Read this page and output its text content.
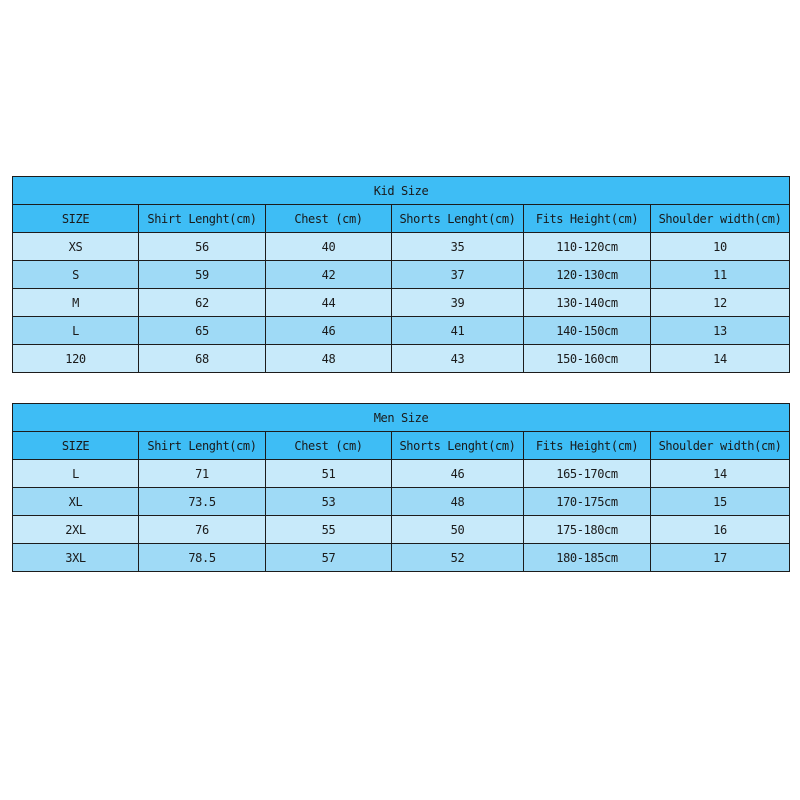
Kid Size					
SIZE	Shirt Lenght(cm)	Chest (cm)	Shorts Lenght(cm)	Fits Height(cm)	Shoulder width(cm)
XS	56	40	35	110-120cm	10
S	59	42	37	120-130cm	11
M	62	44	39	130-140cm	12
L	65	46	41	140-150cm	13
120	68	48	43	150-160cm	14
Men Size					
SIZE	Shirt Lenght(cm)	Chest (cm)	Shorts Lenght(cm)	Fits Height(cm)	Shoulder width(cm)
L	71	51	46	165-170cm	14
XL	73.5	53	48	170-175cm	15
2XL	76	55	50	175-180cm	16
3XL	78.5	57	52	180-185cm	17
